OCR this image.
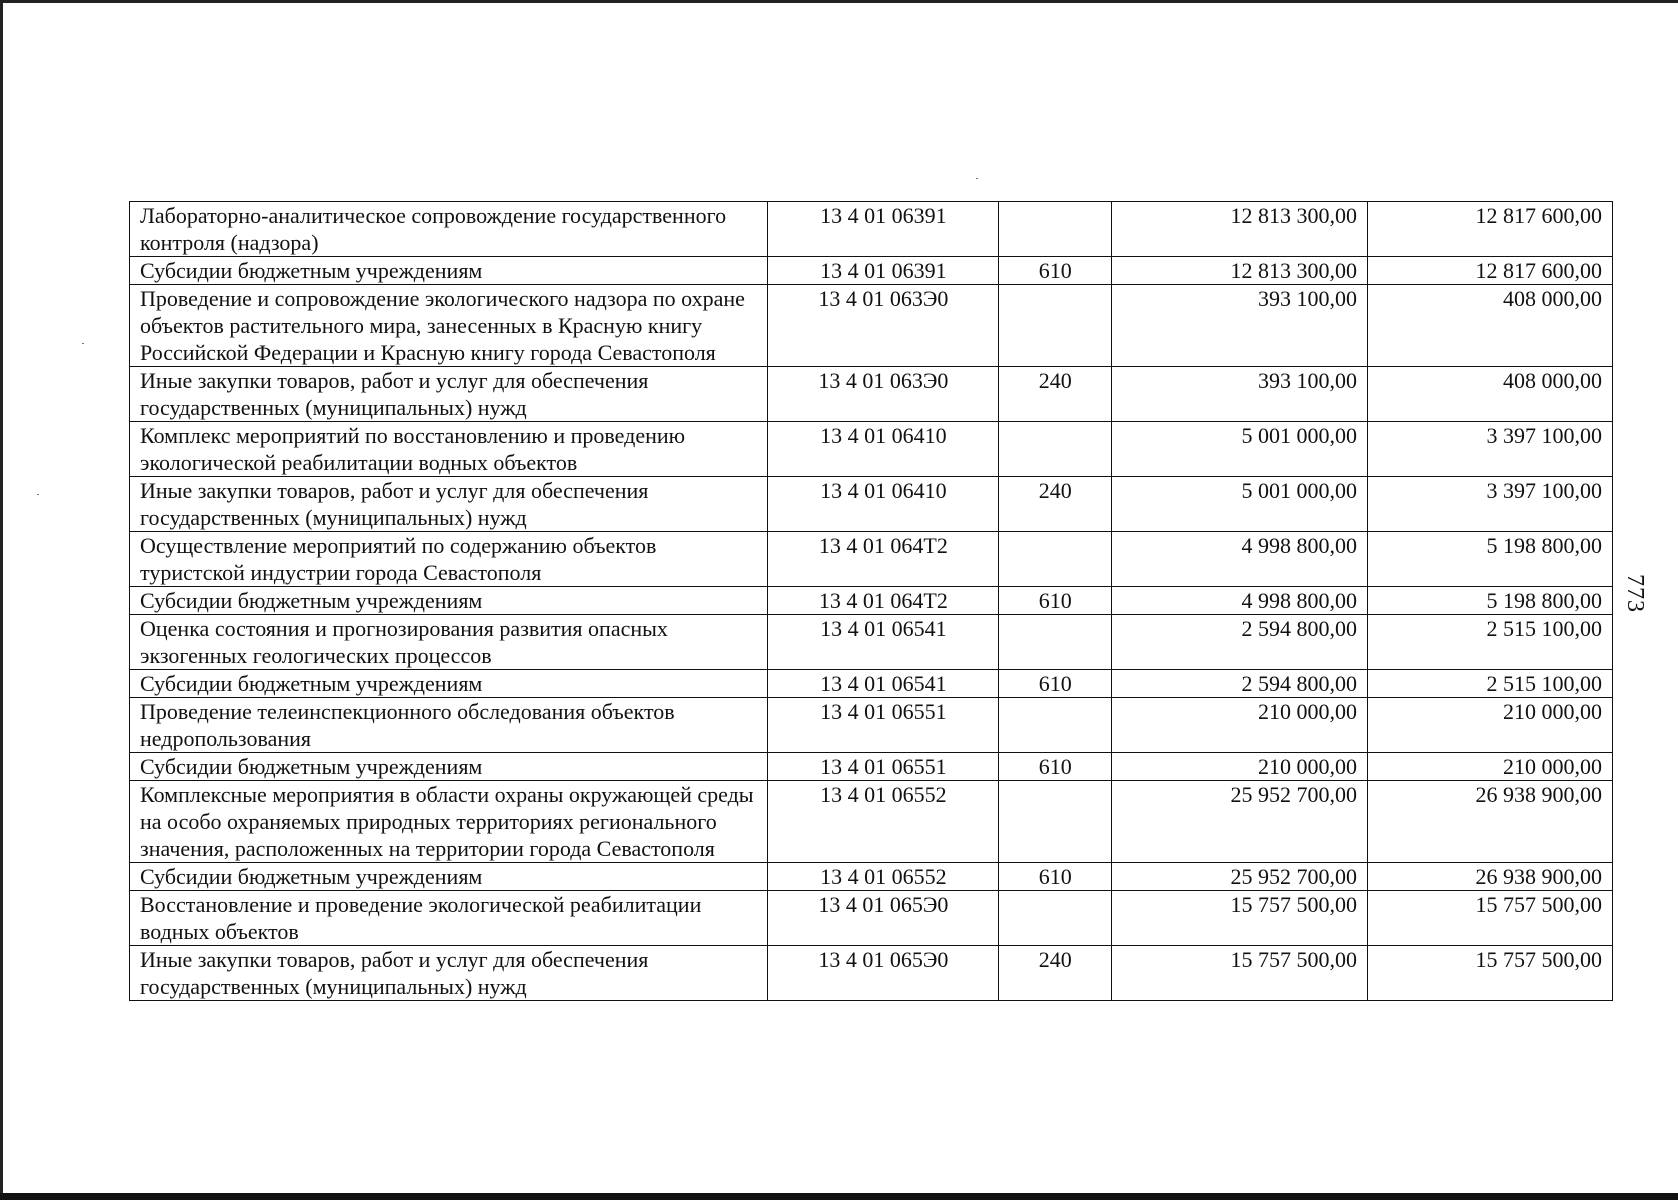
773
Лабораторно-аналитическое сопровождение государственного контроля (надзора)	13 4 01 06391		12 813 300,00	12 817 600,00
Субсидии бюджетным учреждениям	13 4 01 06391	610	12 813 300,00	12 817 600,00
Проведение и сопровождение экологического надзора по охране объектов растительного мира, занесенных в Красную книгу Российской Федерации и Красную книгу города Севастополя	13 4 01 063Э0		393 100,00	408 000,00
Иные закупки товаров, работ и услуг для обеспечения государственных (муниципальных) нужд	13 4 01 063Э0	240	393 100,00	408 000,00
Комплекс мероприятий по восстановлению и проведению экологической реабилитации водных объектов	13 4 01 06410		5 001 000,00	3 397 100,00
Иные закупки товаров, работ и услуг для обеспечения государственных (муниципальных) нужд	13 4 01 06410	240	5 001 000,00	3 397 100,00
Осуществление мероприятий по содержанию объектов туристской индустрии города Севастополя	13 4 01 064Т2		4 998 800,00	5 198 800,00
Субсидии бюджетным учреждениям	13 4 01 064Т2	610	4 998 800,00	5 198 800,00
Оценка состояния и прогнозирования развития опасных экзогенных геологических процессов	13 4 01 06541		2 594 800,00	2 515 100,00
Субсидии бюджетным учреждениям	13 4 01 06541	610	2 594 800,00	2 515 100,00
Проведение телеинспекционного обследования объектов недропользования	13 4 01 06551		210 000,00	210 000,00
Субсидии бюджетным учреждениям	13 4 01 06551	610	210 000,00	210 000,00
Комплексные мероприятия в области охраны окружающей среды на особо охраняемых природных территориях регионального значения, расположенных на территории города Севастополя	13 4 01 06552		25 952 700,00	26 938 900,00
Субсидии бюджетным учреждениям	13 4 01 06552	610	25 952 700,00	26 938 900,00
Восстановление и проведение экологической реабилитации водных объектов	13 4 01 065Э0		15 757 500,00	15 757 500,00
Иные закупки товаров, работ и услуг для обеспечения государственных (муниципальных) нужд	13 4 01 065Э0	240	15 757 500,00	15 757 500,00
